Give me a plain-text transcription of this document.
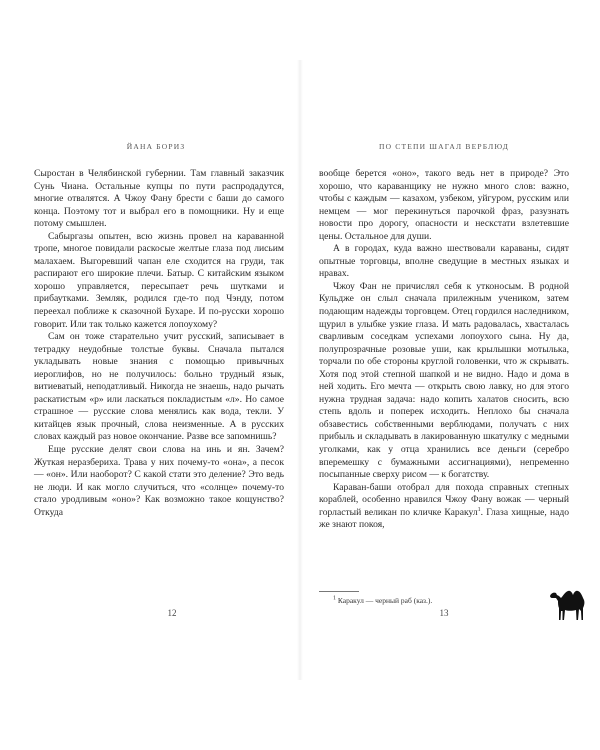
ЙАНА БОРИЗ	ПО СТЕПИ ШАГАЛ ВЕРБЛЮД

Сыростан в Челябинской губернии. Там главный заказчик Сунь Чиана. Остальные купцы по пути распродадутся, многие отвалятся. А Чжоу Фану брести с баши до самого конца. Поэтому тот и выбрал его в помощники. Ну и еще потому смышлен.

Сабыргазы опытен, всю жизнь провел на караванной тропе, многое повидали раскосые желтые глаза под лисьим малахаем. Выгоревший чапан еле сходится на груди, так распирают его широкие плечи. Батыр. С китайским языком хорошо управляется, пересыпает речь шутками и прибаутками. Земляк, родился где-то под Чэнду, потом переехал поближе к сказочной Бухаре. И по-русски хорошо говорит. Или так только кажется лопоухому?

Сам он тоже старательно учит русский, записывает в тетрадку неудобные толстые буквы. Сначала пытался укладывать новые знания с помощью привычных иероглифов, но не получилось: больно трудный язык, витиеватый, неподатливый. Никогда не знаешь, надо рычать раскатистым «р» или ласкаться покладистым «л». Но самое страшное — русские слова менялись как вода, текли. У китайцев язык прочный, слова неизменные. А в русских словах каждый раз новое окончание. Разве все запомнишь?

Еще русские делят свои слова на инь и ян. Зачем? Жуткая неразбериха. Трава у них почему-то «она», а песок — «он». Или наоборот? С какой стати это деление? Это ведь не люди. И как могло случиться, что «солнце» почему-то стало уродливым «оно»? Как возможно такое кощунство? Откуда

вообще берется «оно», такого ведь нет в природе? Это хорошо, что караванщику не нужно много слов: важно, чтобы с каждым — казахом, узбеком, уйгуром, русским или немцем — мог перекинуться парочкой фраз, разузнать новости про дорогу, опасности и нескстати взлетевшие цены. Остальное для души.

А в городах, куда важно шествовали караваны, сидят опытные торговцы, вполне сведущие в местных языках и нравах.

Чжоу Фан не причислял себя к утконосым. В родной Кульдже он слыл сначала прилежным учеником, затем подающим надежды торговцем. Отец гордился наследником, щурил в улыбке узкие глаза. И мать радовалась, хвасталась сварливым соседкам успехами лопоухого сына. Ну да, полупрозрачные розовые уши, как крылышки мотылька, торчали по обе стороны круглой головенки, что ж скрывать. Хотя под этой степной шапкой и не видно. Надо и дома в ней ходить. Его мечта — открыть свою лавку, но для этого нужна трудная задача: надо копить халатов сносить, всю степь вдоль и поперек исходить. Неплохо бы сначала обзавестись собственными верблюдами, получать с них прибыль и складывать в лакированную шкатулку с медными уголками, как у отца хранились все деньги (серебро вперемешку с бумажными ассигнациями), непременно посыпанные сверху рисом — к богатству.

Караван-баши отобрал для похода справных степных кораблей, особенно нравился Чжоу Фану вожак — черный горластый великан по кличке Каракул$^1$. Глаза хищные, надо же знают покоя,

$^1$ Каракул — черный раб (каз.).
12	13
